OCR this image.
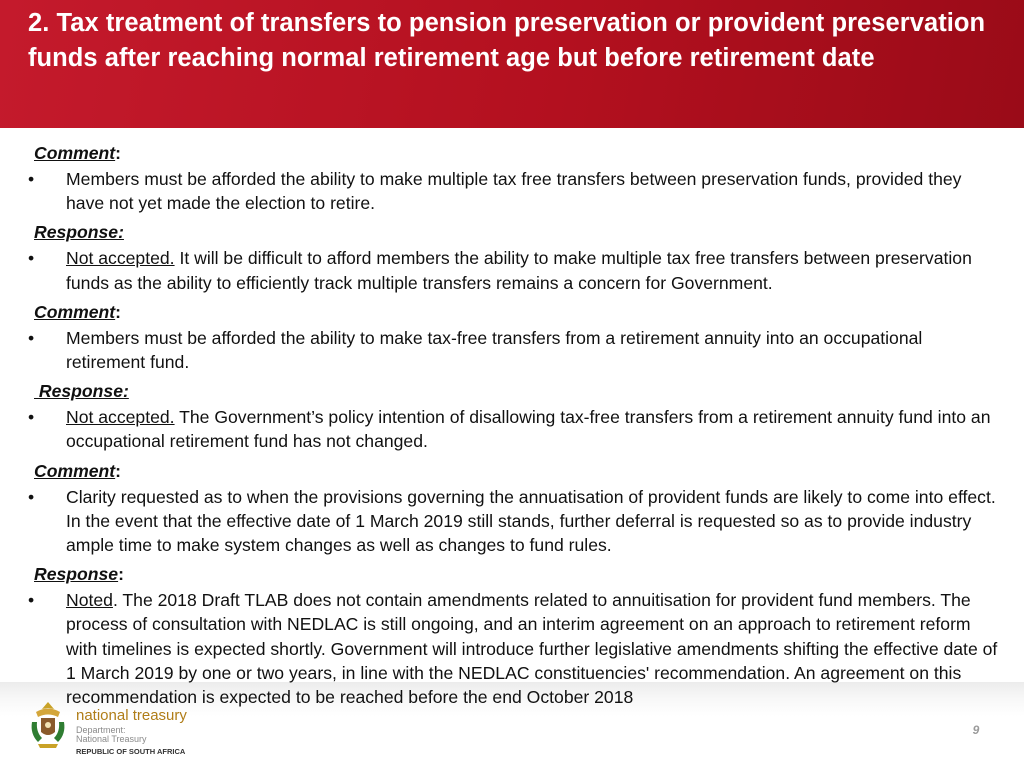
2. Tax treatment of transfers to pension preservation or provident preservation funds after reaching normal retirement age but before retirement date
Comment:
• Members must be afforded the ability to make multiple tax free transfers between preservation funds, provided they have not yet made the election to retire.
Response:
• Not accepted. It will be difficult to afford members the ability to make multiple tax free transfers between preservation funds as the ability to efficiently track multiple transfers remains a concern for Government.
Comment:
• Members must be afforded the ability to make tax-free transfers from a retirement annuity into an occupational retirement fund.
Response:
• Not accepted. The Government’s policy intention of disallowing tax-free transfers from a retirement annuity fund into an occupational retirement fund has not changed.
Comment:
• Clarity requested as to when the provisions governing the annuatisation of provident funds are likely to come into effect. In the event that the effective date of 1 March 2019 still stands, further deferral is requested so as to provide industry ample time to make system changes as well as changes to fund rules.
Response:
• Noted. The 2018 Draft TLAB does not contain amendments related to annuitisation for provident fund members. The process of consultation with NEDLAC is still ongoing, and an interim agreement on an approach to retirement reform with timelines is expected shortly. Government will introduce further legislative amendments shifting the effective date of 1 March 2019 by one or two years, in line with the NEDLAC constituencies' recommendation. An agreement on this recommendation is expected to be reached before the end October 2018
national treasury
Department:
National Treasury
REPUBLIC OF SOUTH AFRICA
9
